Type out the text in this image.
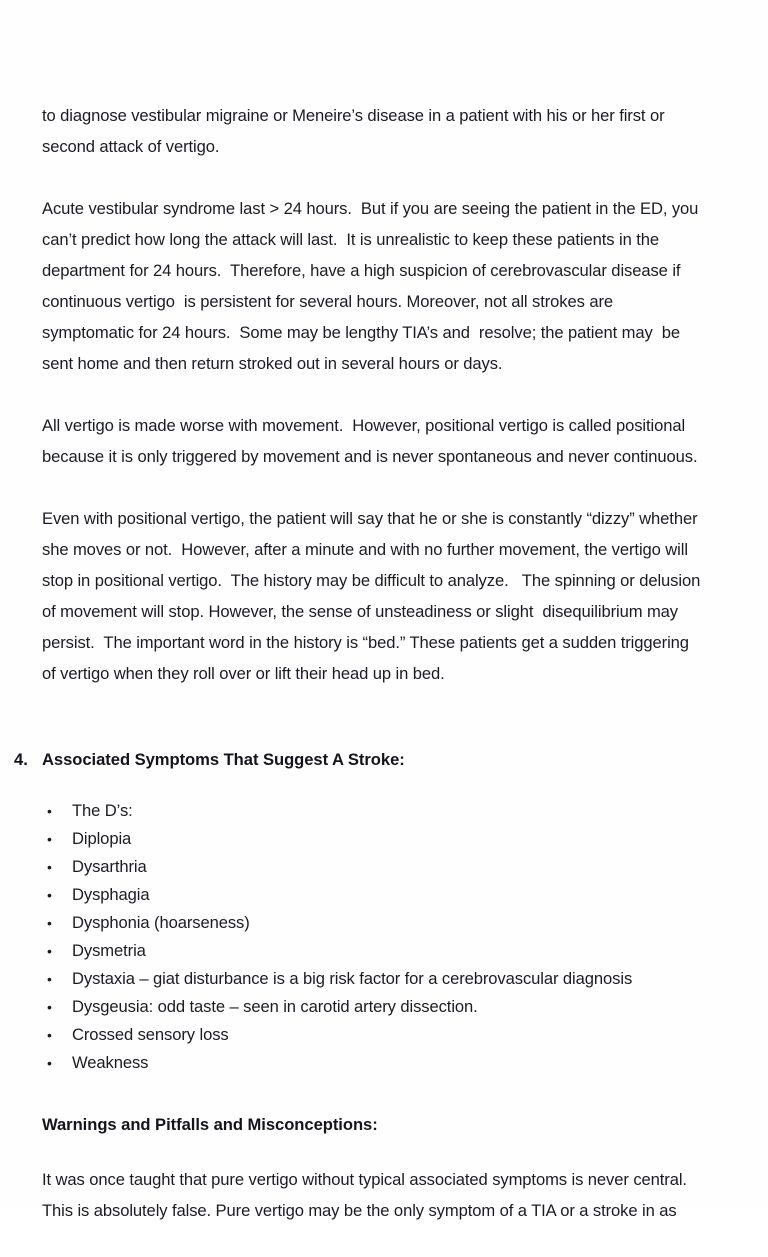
to diagnose vestibular migraine or Meneire’s disease in a patient with his or her first or
second attack of vertigo.
Acute vestibular syndrome last > 24 hours.  But if you are seeing the patient in the ED, you
can’t predict how long the attack will last.  It is unrealistic to keep these patients in the
department for 24 hours.  Therefore, have a high suspicion of cerebrovascular disease if
continuous vertigo  is persistent for several hours. Moreover, not all strokes are
symptomatic for 24 hours.  Some may be lengthy TIA’s and  resolve; the patient may  be
sent home and then return stroked out in several hours or days.
All vertigo is made worse with movement.  However, positional vertigo is called positional
because it is only triggered by movement and is never spontaneous and never continuous.
Even with positional vertigo, the patient will say that he or she is constantly “dizzy” whether
she moves or not.  However, after a minute and with no further movement, the vertigo will
stop in positional vertigo.  The history may be difficult to analyze.   The spinning or delusion
of movement will stop. However, the sense of unsteadiness or slight  disequilibrium may
persist.  The important word in the history is “bed.” These patients get a sudden triggering
of vertigo when they roll over or lift their head up in bed.
4. Associated Symptoms That Suggest A Stroke:
•	The D’s:
•	Diplopia
•	Dysarthria
•	Dysphagia
•	Dysphonia (hoarseness)
•	Dysmetria
•	Dystaxia – giat disturbance is a big risk factor for a cerebrovascular diagnosis
•	Dysgeusia: odd taste – seen in carotid artery dissection.
•	Crossed sensory loss
•	Weakness
Warnings and Pitfalls and Misconceptions:
It was once taught that pure vertigo without typical associated symptoms is never central.
This is absolutely false. Pure vertigo may be the only symptom of a TIA or a stroke in as
